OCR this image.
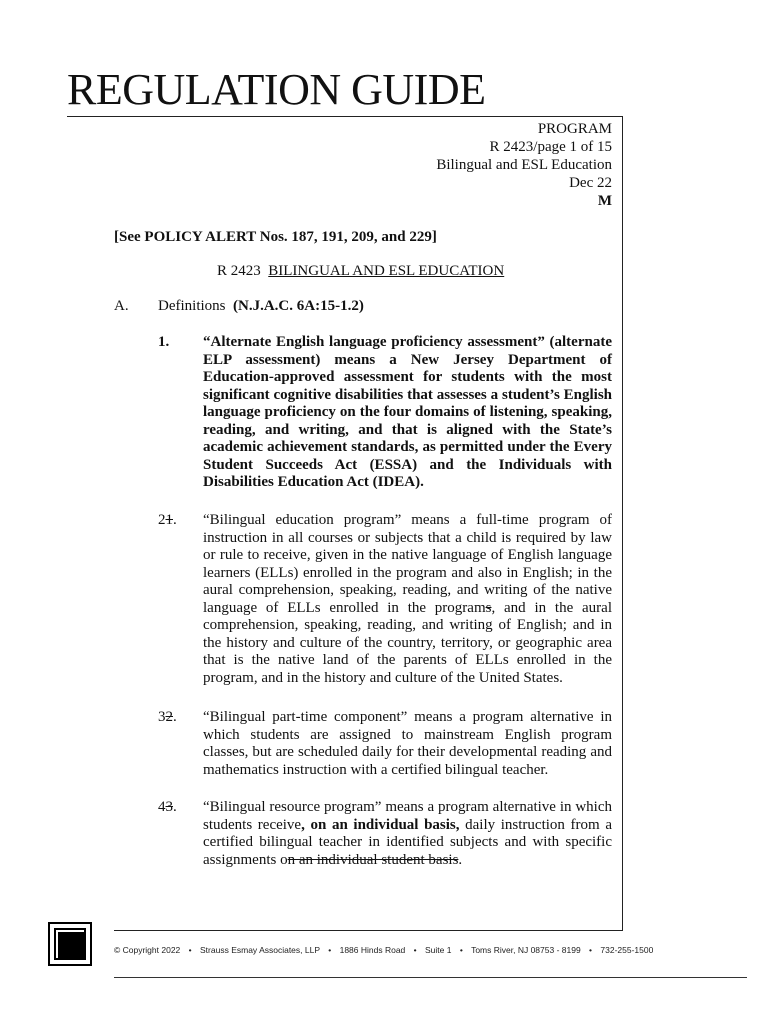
REGULATION GUIDE
PROGRAM
R 2423/page 1 of 15
Bilingual and ESL Education
Dec 22
M
[See POLICY ALERT Nos. 187, 191, 209, and 229]
R 2423 BILINGUAL AND ESL EDUCATION
A. Definitions (N.J.A.C. 6A:15-1.2)
1. “Alternate English language proficiency assessment” (alternate ELP assessment) means a New Jersey Department of Education-approved assessment for students with the most significant cognitive disabilities that assesses a student’s English language proficiency on the four domains of listening, speaking, reading, and writing, and that is aligned with the State’s academic achievement standards, as permitted under the Every Student Succeeds Act (ESSA) and the Individuals with Disabilities Education Act (IDEA).
21. “Bilingual education program” means a full-time program of instruction in all courses or subjects that a child is required by law or rule to receive, given in the native language of English language learners (ELLs) enrolled in the program and also in English; in the aural comprehension, speaking, reading, and writing of the native language of ELLs enrolled in the programs, and in the aural comprehension, speaking, reading, and writing of English; and in the history and culture of the country, territory, or geographic area that is the native land of the parents of ELLs enrolled in the program, and in the history and culture of the United States.
32. “Bilingual part-time component” means a program alternative in which students are assigned to mainstream English program classes, but are scheduled daily for their developmental reading and mathematics instruction with a certified bilingual teacher.
43. “Bilingual resource program” means a program alternative in which students receive, on an individual basis, daily instruction from a certified bilingual teacher in identified subjects and with specific assignments on an individual student basis.
© Copyright 2022 • Strauss Esmay Associates, LLP • 1886 Hinds Road • Suite 1 • Toms River, NJ 08753 - 8199 • 732-255-1500
